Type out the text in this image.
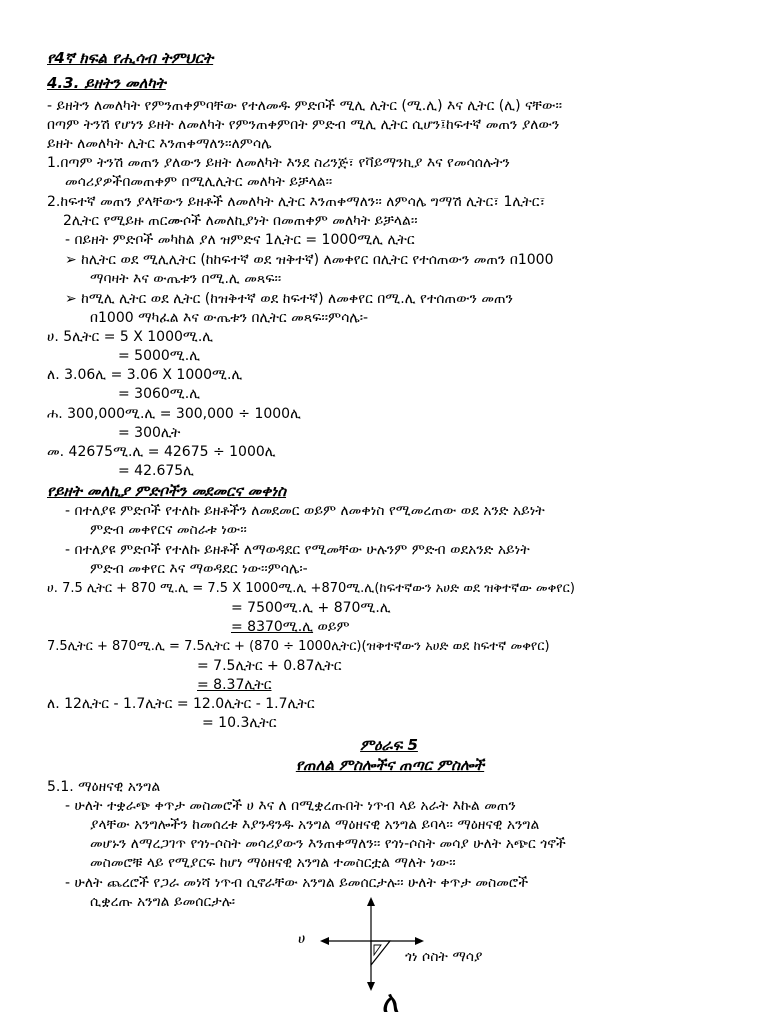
የ4ኛ ክፍል የሒሳብ ትምህርት
4.3. ይዘትን መለካት
- ይዘትን ለመለካት የምንጠቀምባቸው የተለመዱ ምድቦች ሚሊ ሊትር (ሚ.ሊ) እና ሊትር (ሊ) ናቸው፡፡
በጣም ትንሽ የሆነን ይዘት ለመለካት የምንጠቀምበት ምድብ ሚሊ ሊትር ሲሆን፤ከፍተኛ መጠን ያለውን
ይዘት ለመለካት ሊትር እንጠቀማለን፡፡ለምሳሌ
1.በጣም ትንሽ መጠን ያለውን ይዘት ለመለካት እንደ ስሪንጅ፣ የቫይማንኪያ እና የመሳሰሉትን
መሳሪያዎችበመጠቀም በሚሊሊትር መለካት ይቻላል፡፡
2.ከፍተኛ መጠን ያላቸውን ይዘቶች ለመለካት ሊትር እንጠቀማለን፡፡ ለምሳሌ ግማሽ ሊትር፣ 1ሊትር፣
2ሊትር የሚይዙ ጠርሙሶች ለመለኪያነት በመጠቀም መለካት ይቻላል፡፡
- በይዘት ምድቦች መካከል ያለ ዝምድና 1ሊትር = 1000ሚሊ ሊትር
➢ ከሊትር ወደ ሚሊሊትር (ከከፍተኛ ወደ ዝቅተኛ) ለመቀየር በሊትር የተሰጠውን መጠን በ1000
ማባዛት እና ውጤቱን በሚ.ሊ መጻፍ፡፡
➢ ከሚሊ ሊትር ወደ ሊትር (ከዝቅተኛ ወደ ከፍተኛ) ለመቀየር በሚ.ሊ የተሰጠውን መጠን
በ1000 ማካፈል እና ውጤቱን በሊትር መጻፍ፡፡ምሳሌ፡-
ሀ. 5ሊትር = 5 X 1000ሚ.ሊ
= 5000ሚ.ሊ
ለ. 3.06ሊ = 3.06 X 1000ሚ.ሊ
= 3060ሚ.ሊ
ሐ. 300,000ሚ.ሊ = 300,000 ÷ 1000ሊ
= 300ሊት
መ. 42675ሚ.ሊ = 42675 ÷ 1000ሊ
= 42.675ሊ
የይዘት መለኪያ ምድቦችን መደመርና መቀነስ
- በተለያዩ ምድቦች የተለኩ ይዘቶችን ለመደመር ወይም ለመቀነስ የሚመረጠው ወደ አንድ አይነት
ምድብ መቀየርና መስራቱ ነው፡፡
- በተለያዩ ምድቦች የተለኩ ይዘቶች ለማወዳደር የሚመቸው ሁሉንም ምድብ ወደአንድ አይነት
ምድብ መቀየር እና ማወዳደር ነው፡፡ምሳሌ፡-
ሀ. 7.5 ሊትር + 870 ሚ.ሊ = 7.5 X 1000ሚ.ሊ +870ሚ.ሊ(ከፍተኛውን አሀድ ወደ ዝቅተኛው መቀየር)
= 7500ሚ.ሊ + 870ሚ.ሊ
= 8370ሚ.ሊ ወይም
7.5ሊትር + 870ሚ.ሊ = 7.5ሊትር + (870 ÷ 1000ሊትር)(ዝቅተኛውን አሀድ ወደ ከፍተኛ መቀየር)
= 7.5ሊትር + 0.87ሊትር
= 8.37ሊትር
ለ. 12ሊትር - 1.7ሊትር = 12.0ሊትር - 1.7ሊትር
= 10.3ሊትር
ምዕራፍ 5
የጠለል ምስሎችና ጠጣር ምስሎች
5.1. ማዕዘናዊ አንግል
- ሁለት ተቋራጭ ቀጥታ መስመሮች ሀ እና ለ በሚቋረጡበት ነጥብ ላይ አራት እኩል መጠን
ያላቸው አንግሎችን ከመሰረቱ እያንዳንዱ አንግል ማዕዘናዊ አንግል ይባላ፡፡ ማዕዘናዊ አንግል
መሆኑን ለማረጋገጥ የጎነ-ሶስት መሳሪያውን እንጠቀማለን፡፡ የጎነ-ሶስት መሳያ ሁለት አጭር ጎኖች
መስመሮቹ ላይ የሚያርፍ ከሆነ ማዕዘናዊ አንግል ተመስርቷል ማለት ነው፡፡
- ሁለት ጨረሮች የጋራ መነሻ ነጥብ ሲኖራቸው አንግል ይመሰርታሉ፡፡ ሁለት ቀጥታ መስመሮች
ሲቋረጡ አንግል ይመሰርታሉ፡
ሀ
ጎነ ሶስት ማሳያ
ለ
